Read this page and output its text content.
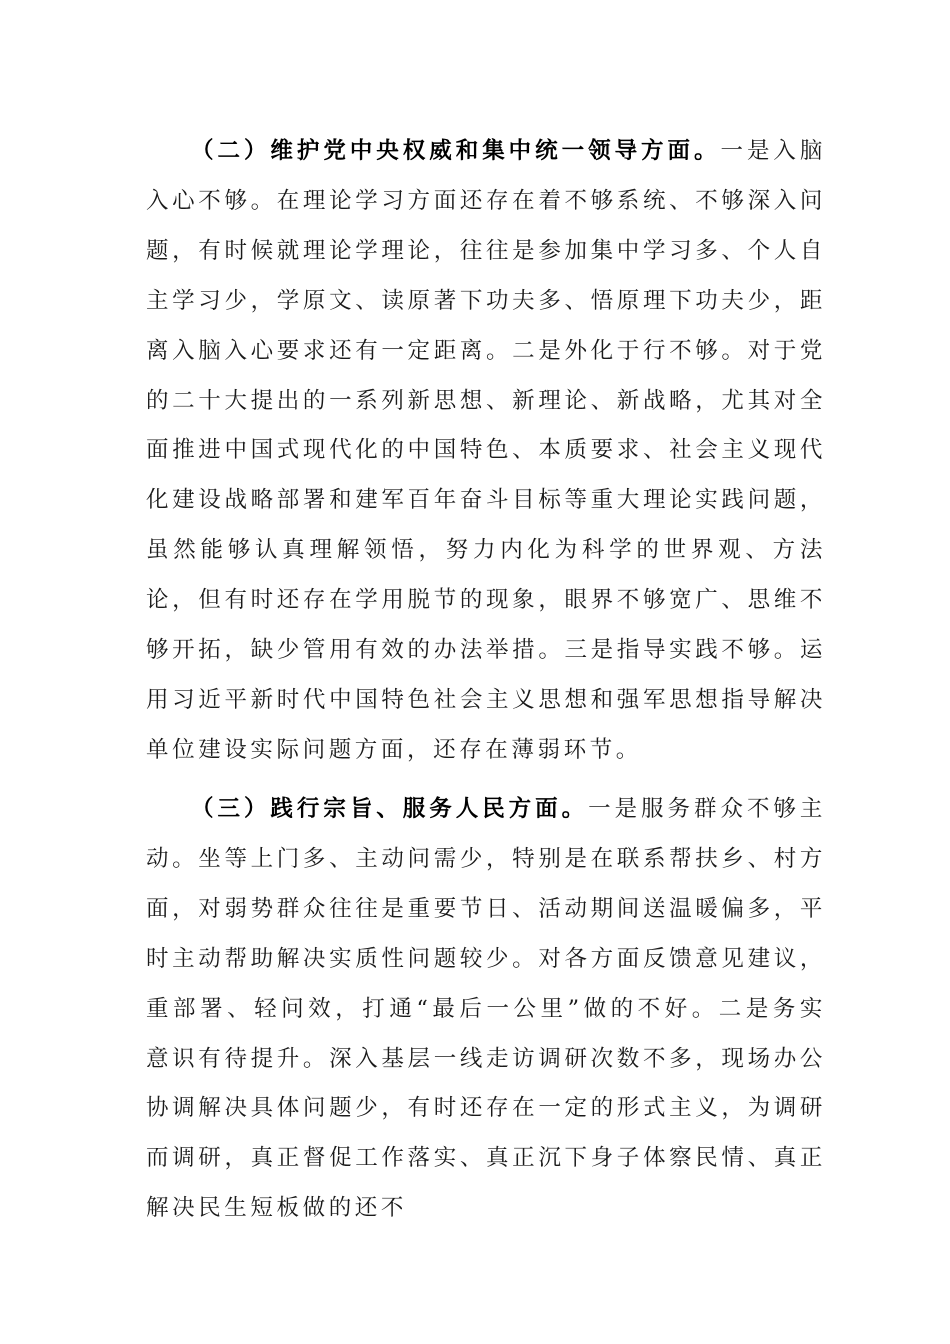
（二）维护党中央权威和集中统一领导方面。一是入脑入心不够。在理论学习方面还存在着不够系统、不够深入问题，有时候就理论学理论，往往是参加集中学习多、个人自主学习少，学原文、读原著下功夫多、悟原理下功夫少，距离入脑入心要求还有一定距离。二是外化于行不够。对于党的二十大提出的一系列新思想、新理论、新战略，尤其对全面推进中国式现代化的中国特色、本质要求、社会主义现代化建设战略部署和建军百年奋斗目标等重大理论实践问题，虽然能够认真理解领悟，努力内化为科学的世界观、方法论，但有时还存在学用脱节的现象，眼界不够宽广、思维不够开拓，缺少管用有效的办法举措。三是指导实践不够。运用习近平新时代中国特色社会主义思想和强军思想指导解决单位建设实际问题方面，还存在薄弱环节。

（三）践行宗旨、服务人民方面。一是服务群众不够主动。坐等上门多、主动问需少，特别是在联系帮扶乡、村方面，对弱势群众往往是重要节日、活动期间送温暖偏多，平时主动帮助解决实质性问题较少。对各方面反馈意见建议，重部署、轻问效，打通“最后一公里”做的不好。二是务实意识有待提升。深入基层一线走访调研次数不多，现场办公协调解决具体问题少，有时还存在一定的形式主义，为调研而调研，真正督促工作落实、真正沉下身子体察民情、真正解决民生短板做的还不
